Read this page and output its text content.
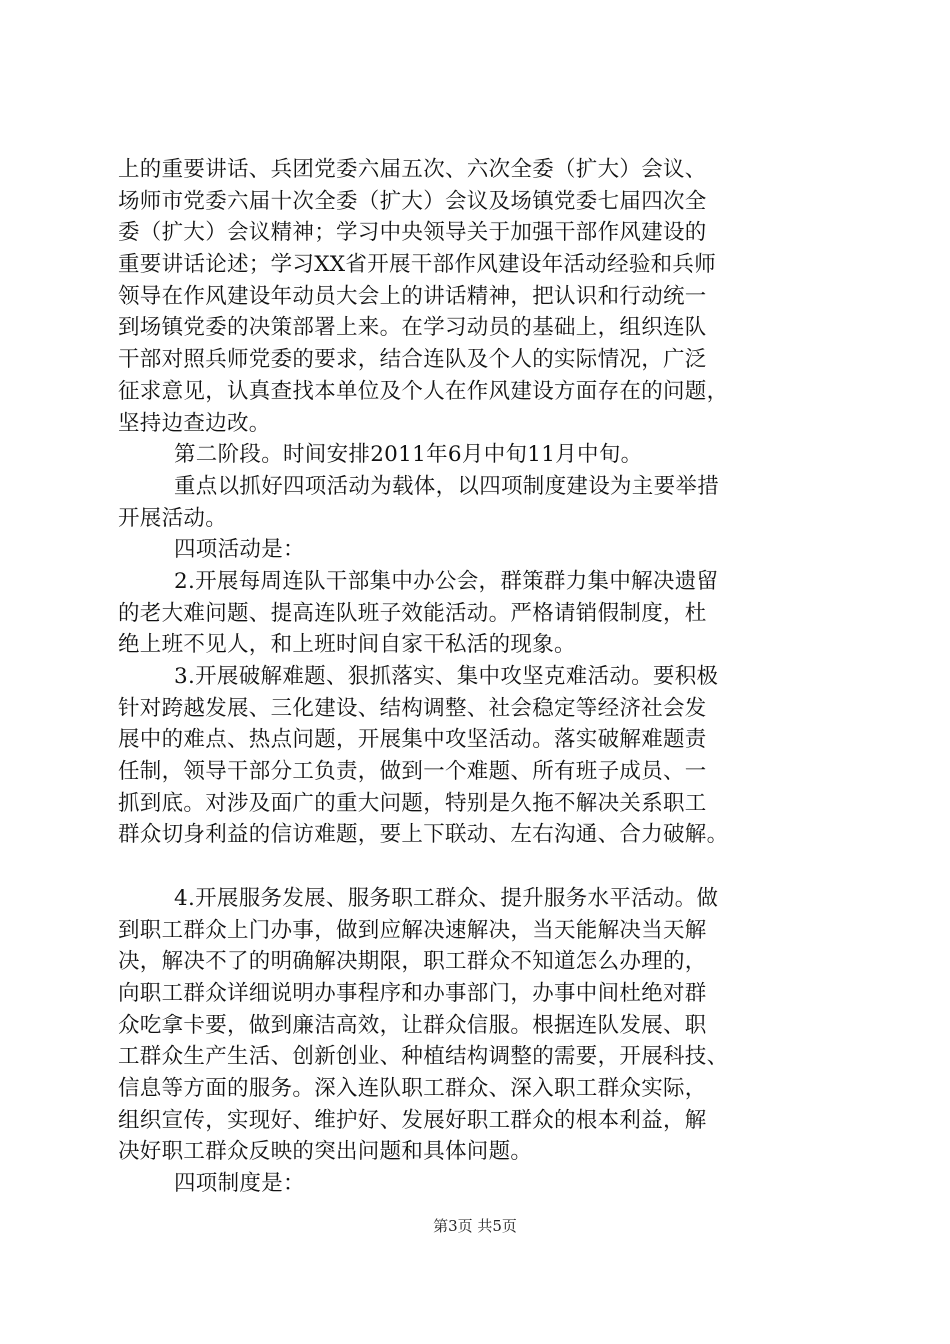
上的重要讲话、兵团党委六届五次、六次全委（扩大）会议、
场师市党委六届十次全委（扩大）会议及场镇党委七届四次全
委（扩大）会议精神；学习中央领导关于加强干部作风建设的
重要讲话论述；学习XX省开展干部作风建设年活动经验和兵师
领导在作风建设年动员大会上的讲话精神，把认识和行动统一
到场镇党委的决策部署上来。在学习动员的基础上，组织连队
干部对照兵师党委的要求，结合连队及个人的实际情况，广泛
征求意见，认真查找本单位及个人在作风建设方面存在的问题，
坚持边查边改。
第二阶段。时间安排2011年6月中旬11月中旬。
重点以抓好四项活动为载体，以四项制度建设为主要举措
开展活动。
四项活动是：
2.开展每周连队干部集中办公会，群策群力集中解决遗留
的老大难问题、提高连队班子效能活动。严格请销假制度，杜
绝上班不见人，和上班时间自家干私活的现象。
3.开展破解难题、狠抓落实、集中攻坚克难活动。要积极
针对跨越发展、三化建设、结构调整、社会稳定等经济社会发
展中的难点、热点问题，开展集中攻坚活动。落实破解难题责
任制，领导干部分工负责，做到一个难题、所有班子成员、一
抓到底。对涉及面广的重大问题，特别是久拖不解决关系职工
群众切身利益的信访难题，要上下联动、左右沟通、合力破解。
4.开展服务发展、服务职工群众、提升服务水平活动。做
到职工群众上门办事，做到应解决速解决，当天能解决当天解
决，解决不了的明确解决期限，职工群众不知道怎么办理的，
向职工群众详细说明办事程序和办事部门，办事中间杜绝对群
众吃拿卡要，做到廉洁高效，让群众信服。根据连队发展、职
工群众生产生活、创新创业、种植结构调整的需要，开展科技、
信息等方面的服务。深入连队职工群众、深入职工群众实际，
组织宣传，实现好、维护好、发展好职工群众的根本利益，解
决好职工群众反映的突出问题和具体问题。
四项制度是：
第3页 共5页
